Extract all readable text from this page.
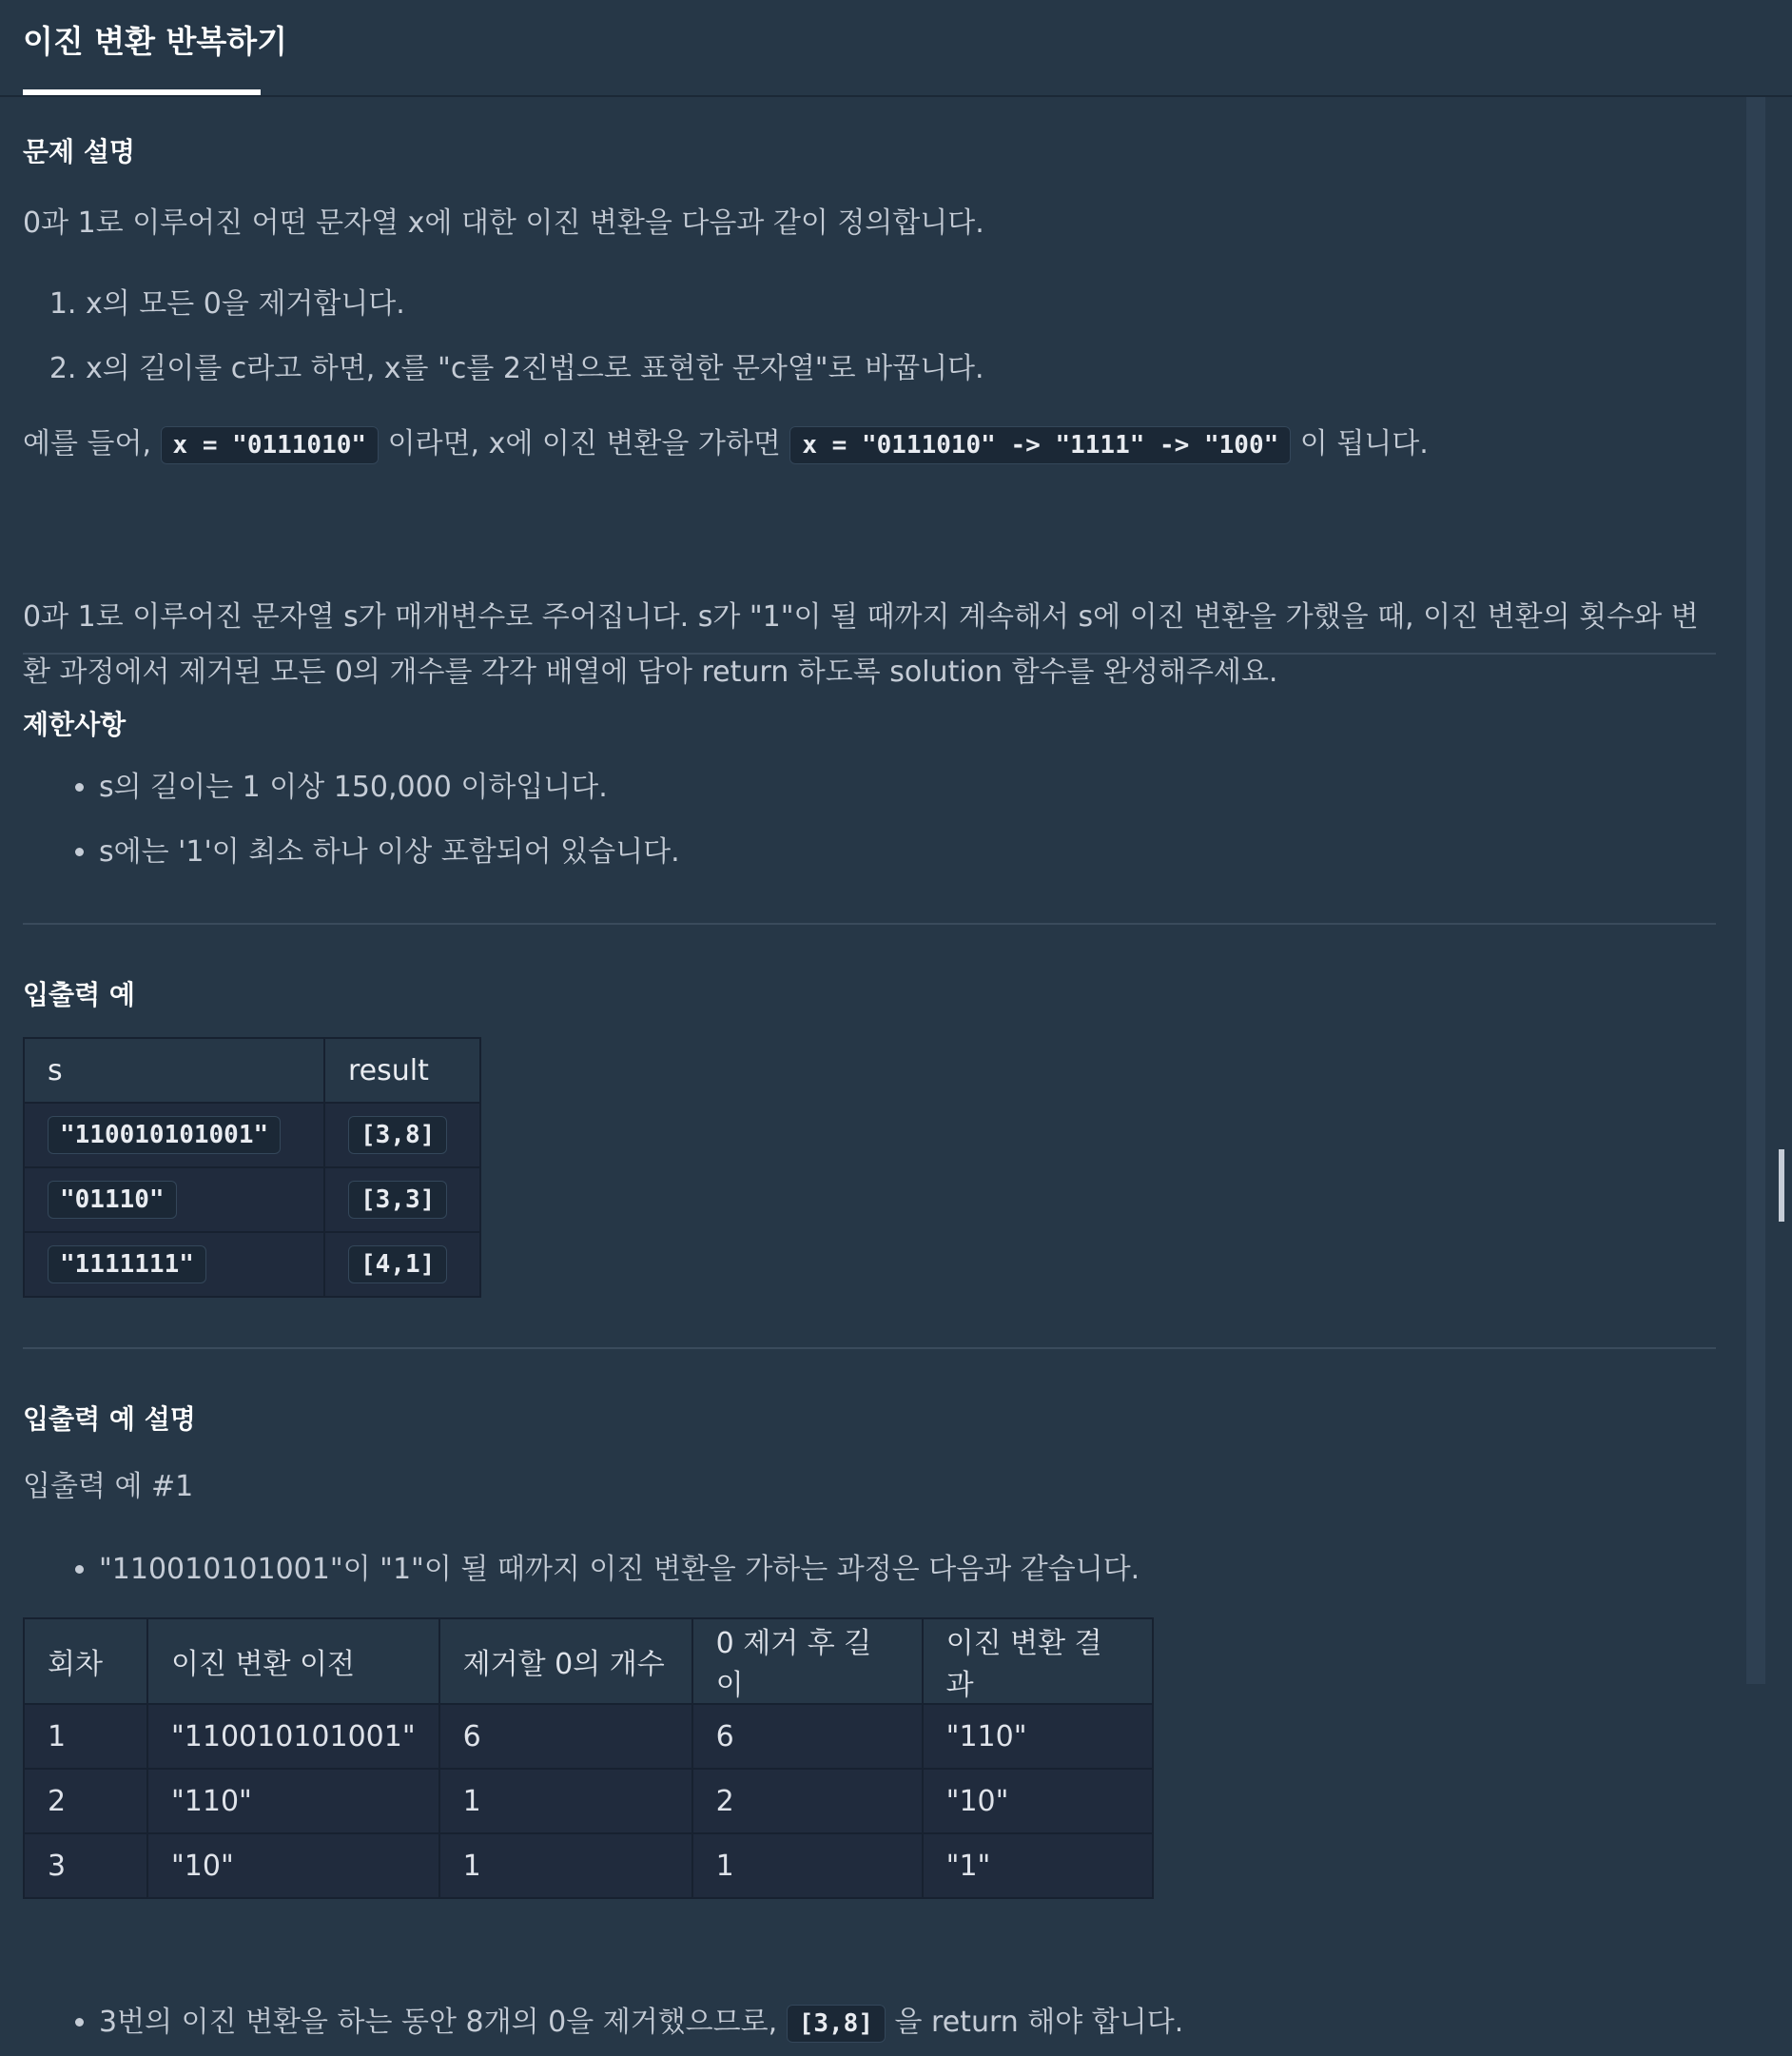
이진 변환 반복하기
문제 설명

0과 1로 이루어진 어떤 문자열 x에 대한 이진 변환을 다음과 같이 정의합니다.

1. x의 모든 0을 제거합니다.
2. x의 길이를 c라고 하면, x를 "c를 2진법으로 표현한 문자열"로 바꿉니다.

예를 들어, x = "0111010" 이라면, x에 이진 변환을 가하면 x = "0111010" -> "1111" -> "100" 이 됩니다.

0과 1로 이루어진 문자열 s가 매개변수로 주어집니다. s가 "1"이 될 때까지 계속해서 s에 이진 변환을 가했을 때, 이진 변환의 횟수와 변환 과정에서 제거된 모든 0의 개수를 각각 배열에 담아 return 하도록 solution 함수를 완성해주세요.

제한사항
• s의 길이는 1 이상 150,000 이하입니다.
• s에는 '1'이 최소 하나 이상 포함되어 있습니다.
입출력 예
s	result
"110010101001"	[3,8]
"01110"	[3,3]
"1111111"	[4,1]
입출력 예 설명

입출력 예 #1

• "110010101001"이 "1"이 될 때까지 이진 변환을 가하는 과정은 다음과 같습니다.
회차	이진 변환 이전	제거할 0의 개수	0 제거 후 길이	이진 변환 결과
1	"110010101001"	6	6	"110"
2	"110"	1	2	"10"
3	"10"	1	1	"1"
• 3번의 이진 변환을 하는 동안 8개의 0을 제거했으므로, [3,8] 을 return 해야 합니다.
